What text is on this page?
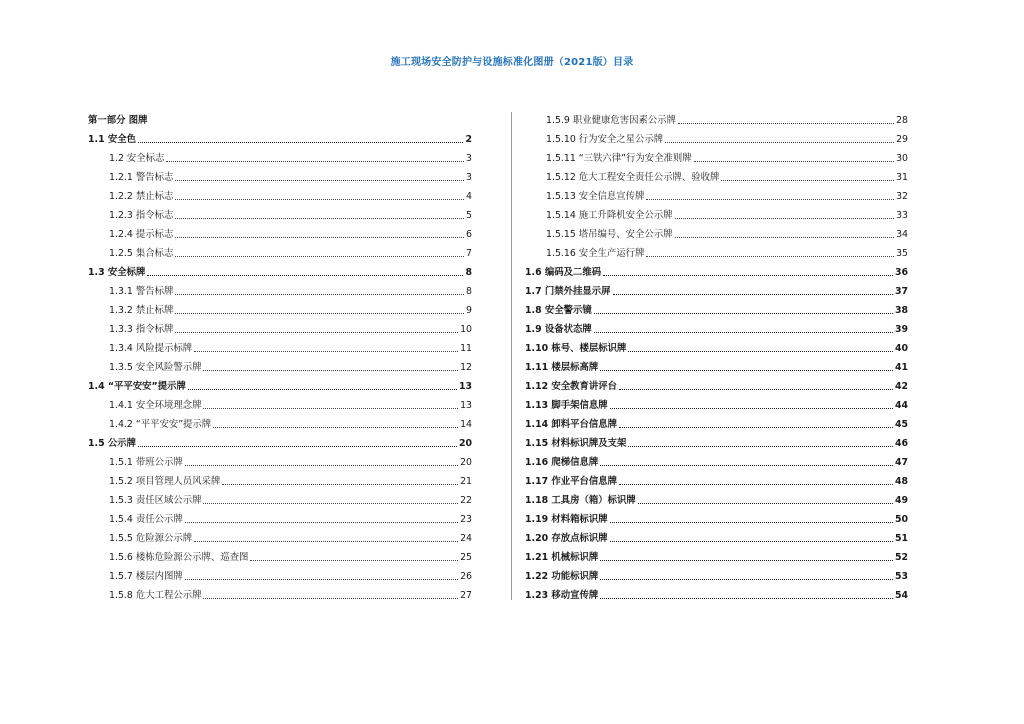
施工现场安全防护与设施标准化图册（2021版）目录
第一部分 图牌
1.1 安全色	2
1.2 安全标志	3
1.2.1 警告标志	3
1.2.2 禁止标志	4
1.2.3 指令标志	5
1.2.4 提示标志	6
1.2.5 集合标志	7
1.3 安全标牌	8
1.3.1 警告标牌	8
1.3.2 禁止标牌	9
1.3.3 指令标牌	10
1.3.4 风险提示标牌	11
1.3.5 安全风险警示牌	12
1.4 “平平安安”提示牌	13
1.4.1 安全环境理念牌	13
1.4.2 “平平安安”提示牌	14
1.5 公示牌	20
1.5.1 带班公示牌	20
1.5.2 项目管理人员风采牌	21
1.5.3 责任区域公示牌	22
1.5.4 责任公示牌	23
1.5.5 危险源公示牌	24
1.5.6 楼栋危险源公示牌、巡查图	25
1.5.7 楼层内图牌	26
1.5.8 危大工程公示牌	27
1.5.9 职业健康危害因素公示牌	28
1.5.10 行为安全之星公示牌	29
1.5.11 “三铁六律”行为安全准则牌	30
1.5.12 危大工程安全责任公示牌、验收牌	31
1.5.13 安全信息宣传牌	32
1.5.14 施工升降机安全公示牌	33
1.5.15 塔吊编号、安全公示牌	34
1.5.16 安全生产运行牌	35
1.6 编码及二维码	36
1.7 门禁外挂显示屏	37
1.8 安全警示镜	38
1.9 设备状态牌	39
1.10 栋号、楼层标识牌	40
1.11 楼层标高牌	41
1.12 安全教育讲评台	42
1.13 脚手架信息牌	44
1.14 卸料平台信息牌	45
1.15 材料标识牌及支架	46
1.16 爬梯信息牌	47
1.17 作业平台信息牌	48
1.18 工具房（箱）标识牌	49
1.19 材料箱标识牌	50
1.20 存放点标识牌	51
1.21 机械标识牌	52
1.22 功能标识牌	53
1.23 移动宣传牌	54
